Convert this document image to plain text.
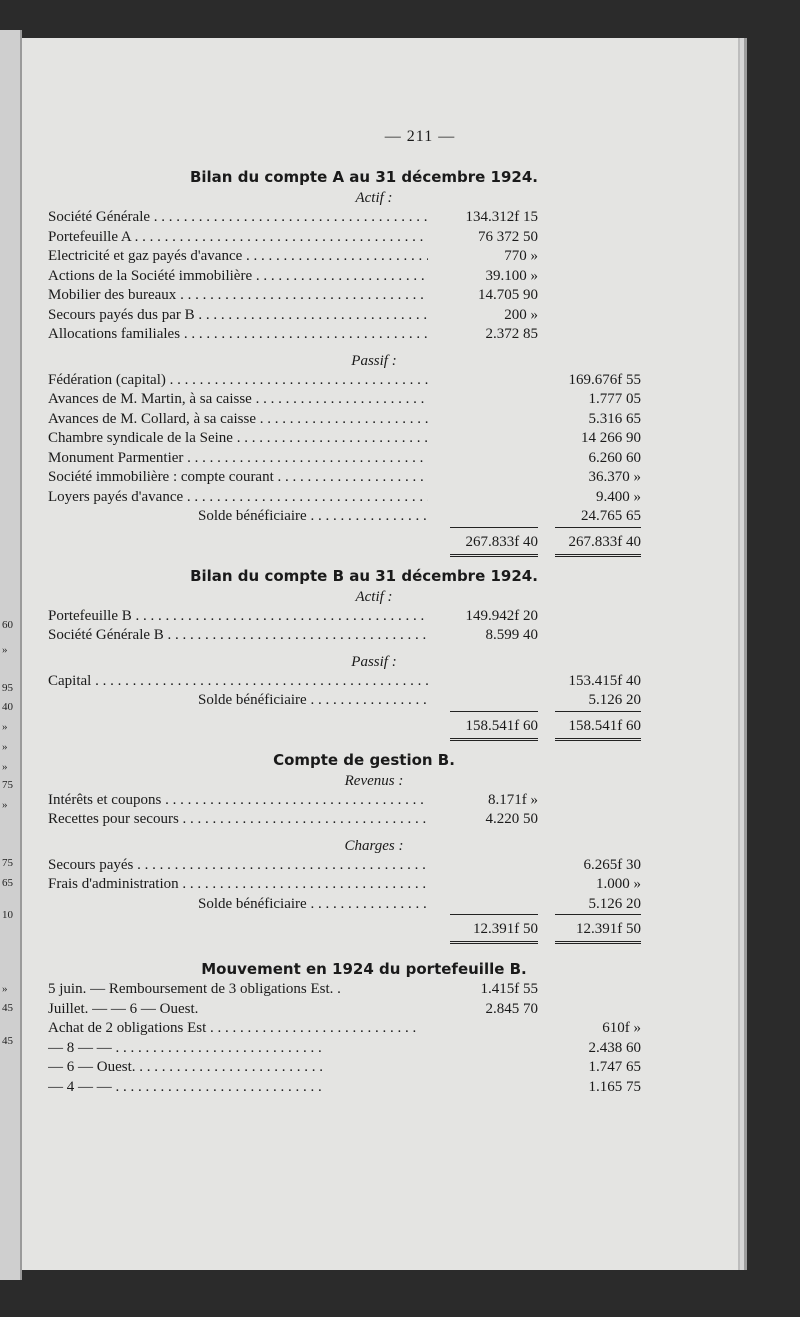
60
»
95
40
»
»
»
75
»
75
65
10
»
45
45
— 211 —
Bilan du compte A au 31 décembre 1924.
Actif :
Société Générale . . .	134.312f 15
Portefeuille A . . .	76 372 50
Electricité et gaz payés d'avance . . .	770 »
Actions de la Société immobilière . . .	39.100 »
Mobilier des bureaux . . .	14.705 90
Secours payés dus par B . . .	200 »
Allocations familiales . . .	2.372 85
Passif :
Fédération (capital) . . .	169.676f 55
Avances de M. Martin, à sa caisse . . .	1.777 05
Avances de M. Collard, à sa caisse . . .	5.316 65
Chambre syndicale de la Seine . . .	14 266 90
Monument Parmentier . . .	6.260 60
Société immobilière : compte courant . . .	36.370 »
Loyers payés d'avance . . .	9.400 »
Solde bénéficiaire . . .	24.765 65
267.833f 40	267.833f 40
Bilan du compte B au 31 décembre 1924.
Actif :
Portefeuille B . . .	149.942f 20
Société Générale B . . .	8.599 40
Passif :
Capital . . .	153.415f 40
Solde bénéficiaire . . .	5.126 20
158.541f 60	158.541f 60
Compte de gestion B.
Revenus :
Intérêts et coupons . . .	8.171f »
Recettes pour secours . . .	4.220 50
Charges :
Secours payés . . .	6.265f 30
Frais d'administration . . .	1.000 »
Solde bénéficiaire . . .	5.126 20
12.391f 50	12.391f 50
Mouvement en 1924 du portefeuille B.
5 juin. — Remboursement de 3 obligations Est. .	1.415f 55
Juillet. — — 6 — Ouest.	2.845 70
Achat de 2 obligations Est . . . . . . . . . . . . . . . . . . . . . . . . . . . .	610f »
— 8 — — . . . . . . . . . . . . . . . . . . . . . . . . . . . .	2.438 60
— 6 — Ouest. . . . . . . . . . . . . . . . . . . . . . . . . .	1.747 65
— 4 — — . . . . . . . . . . . . . . . . . . . . . . . . . . . .	1.165 75
